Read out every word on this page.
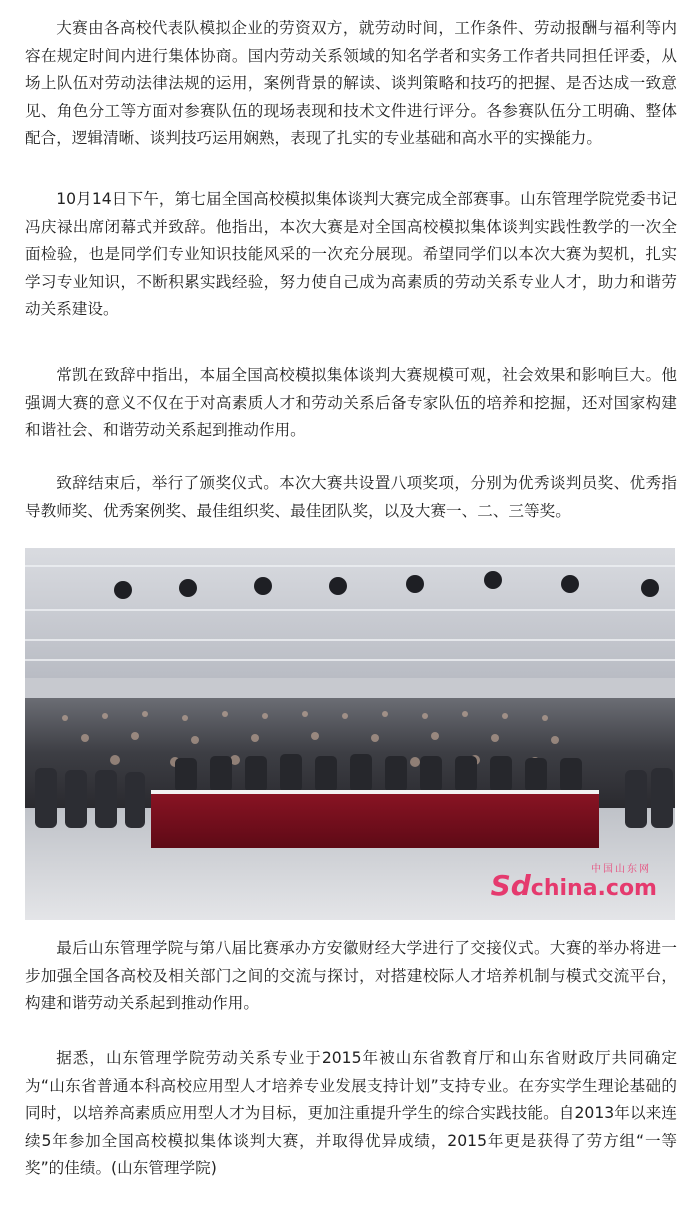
大赛由各高校代表队模拟企业的劳资双方，就劳动时间，工作条件、劳动报酬与福利等内容在规定时间内进行集体协商。国内劳动关系领域的知名学者和实务工作者共同担任评委，从场上队伍对劳动法律法规的运用，案例背景的解读、谈判策略和技巧的把握、是否达成一致意见、角色分工等方面对参赛队伍的现场表现和技术文件进行评分。各参赛队伍分工明确、整体配合，逻辑清晰、谈判技巧运用娴熟，表现了扎实的专业基础和高水平的实操能力。

10月14日下午，第七届全国高校模拟集体谈判大赛完成全部赛事。山东管理学院党委书记冯庆禄出席闭幕式并致辞。他指出，本次大赛是对全国高校模拟集体谈判实践性教学的一次全面检验，也是同学们专业知识技能风采的一次充分展现。希望同学们以本次大赛为契机，扎实学习专业知识，不断积累实践经验，努力使自己成为高素质的劳动关系专业人才，助力和谐劳动关系建设。

常凯在致辞中指出，本届全国高校模拟集体谈判大赛规模可观，社会效果和影响巨大。他强调大赛的意义不仅在于对高素质人才和劳动关系后备专家队伍的培养和挖掘，还对国家构建和谐社会、和谐劳动关系起到推动作用。

致辞结束后，举行了颁奖仪式。本次大赛共设置八项奖项，分别为优秀谈判员奖、优秀指导教师奖、优秀案例奖、最佳组织奖、最佳团队奖，以及大赛一、二、三等奖。

中国山东网
Sdchina.com

最后山东管理学院与第八届比赛承办方安徽财经大学进行了交接仪式。大赛的举办将进一步加强全国各高校及相关部门之间的交流与探讨，对搭建校际人才培养机制与模式交流平台，构建和谐劳动关系起到推动作用。

据悉，山东管理学院劳动关系专业于2015年被山东省教育厅和山东省财政厅共同确定为“山东省普通本科高校应用型人才培养专业发展支持计划”支持专业。在夯实学生理论基础的同时，以培养高素质应用型人才为目标，更加注重提升学生的综合实践技能。自2013年以来连续5年参加全国高校模拟集体谈判大赛，并取得优异成绩，2015年更是获得了劳方组“一等奖”的佳绩。(山东管理学院)
